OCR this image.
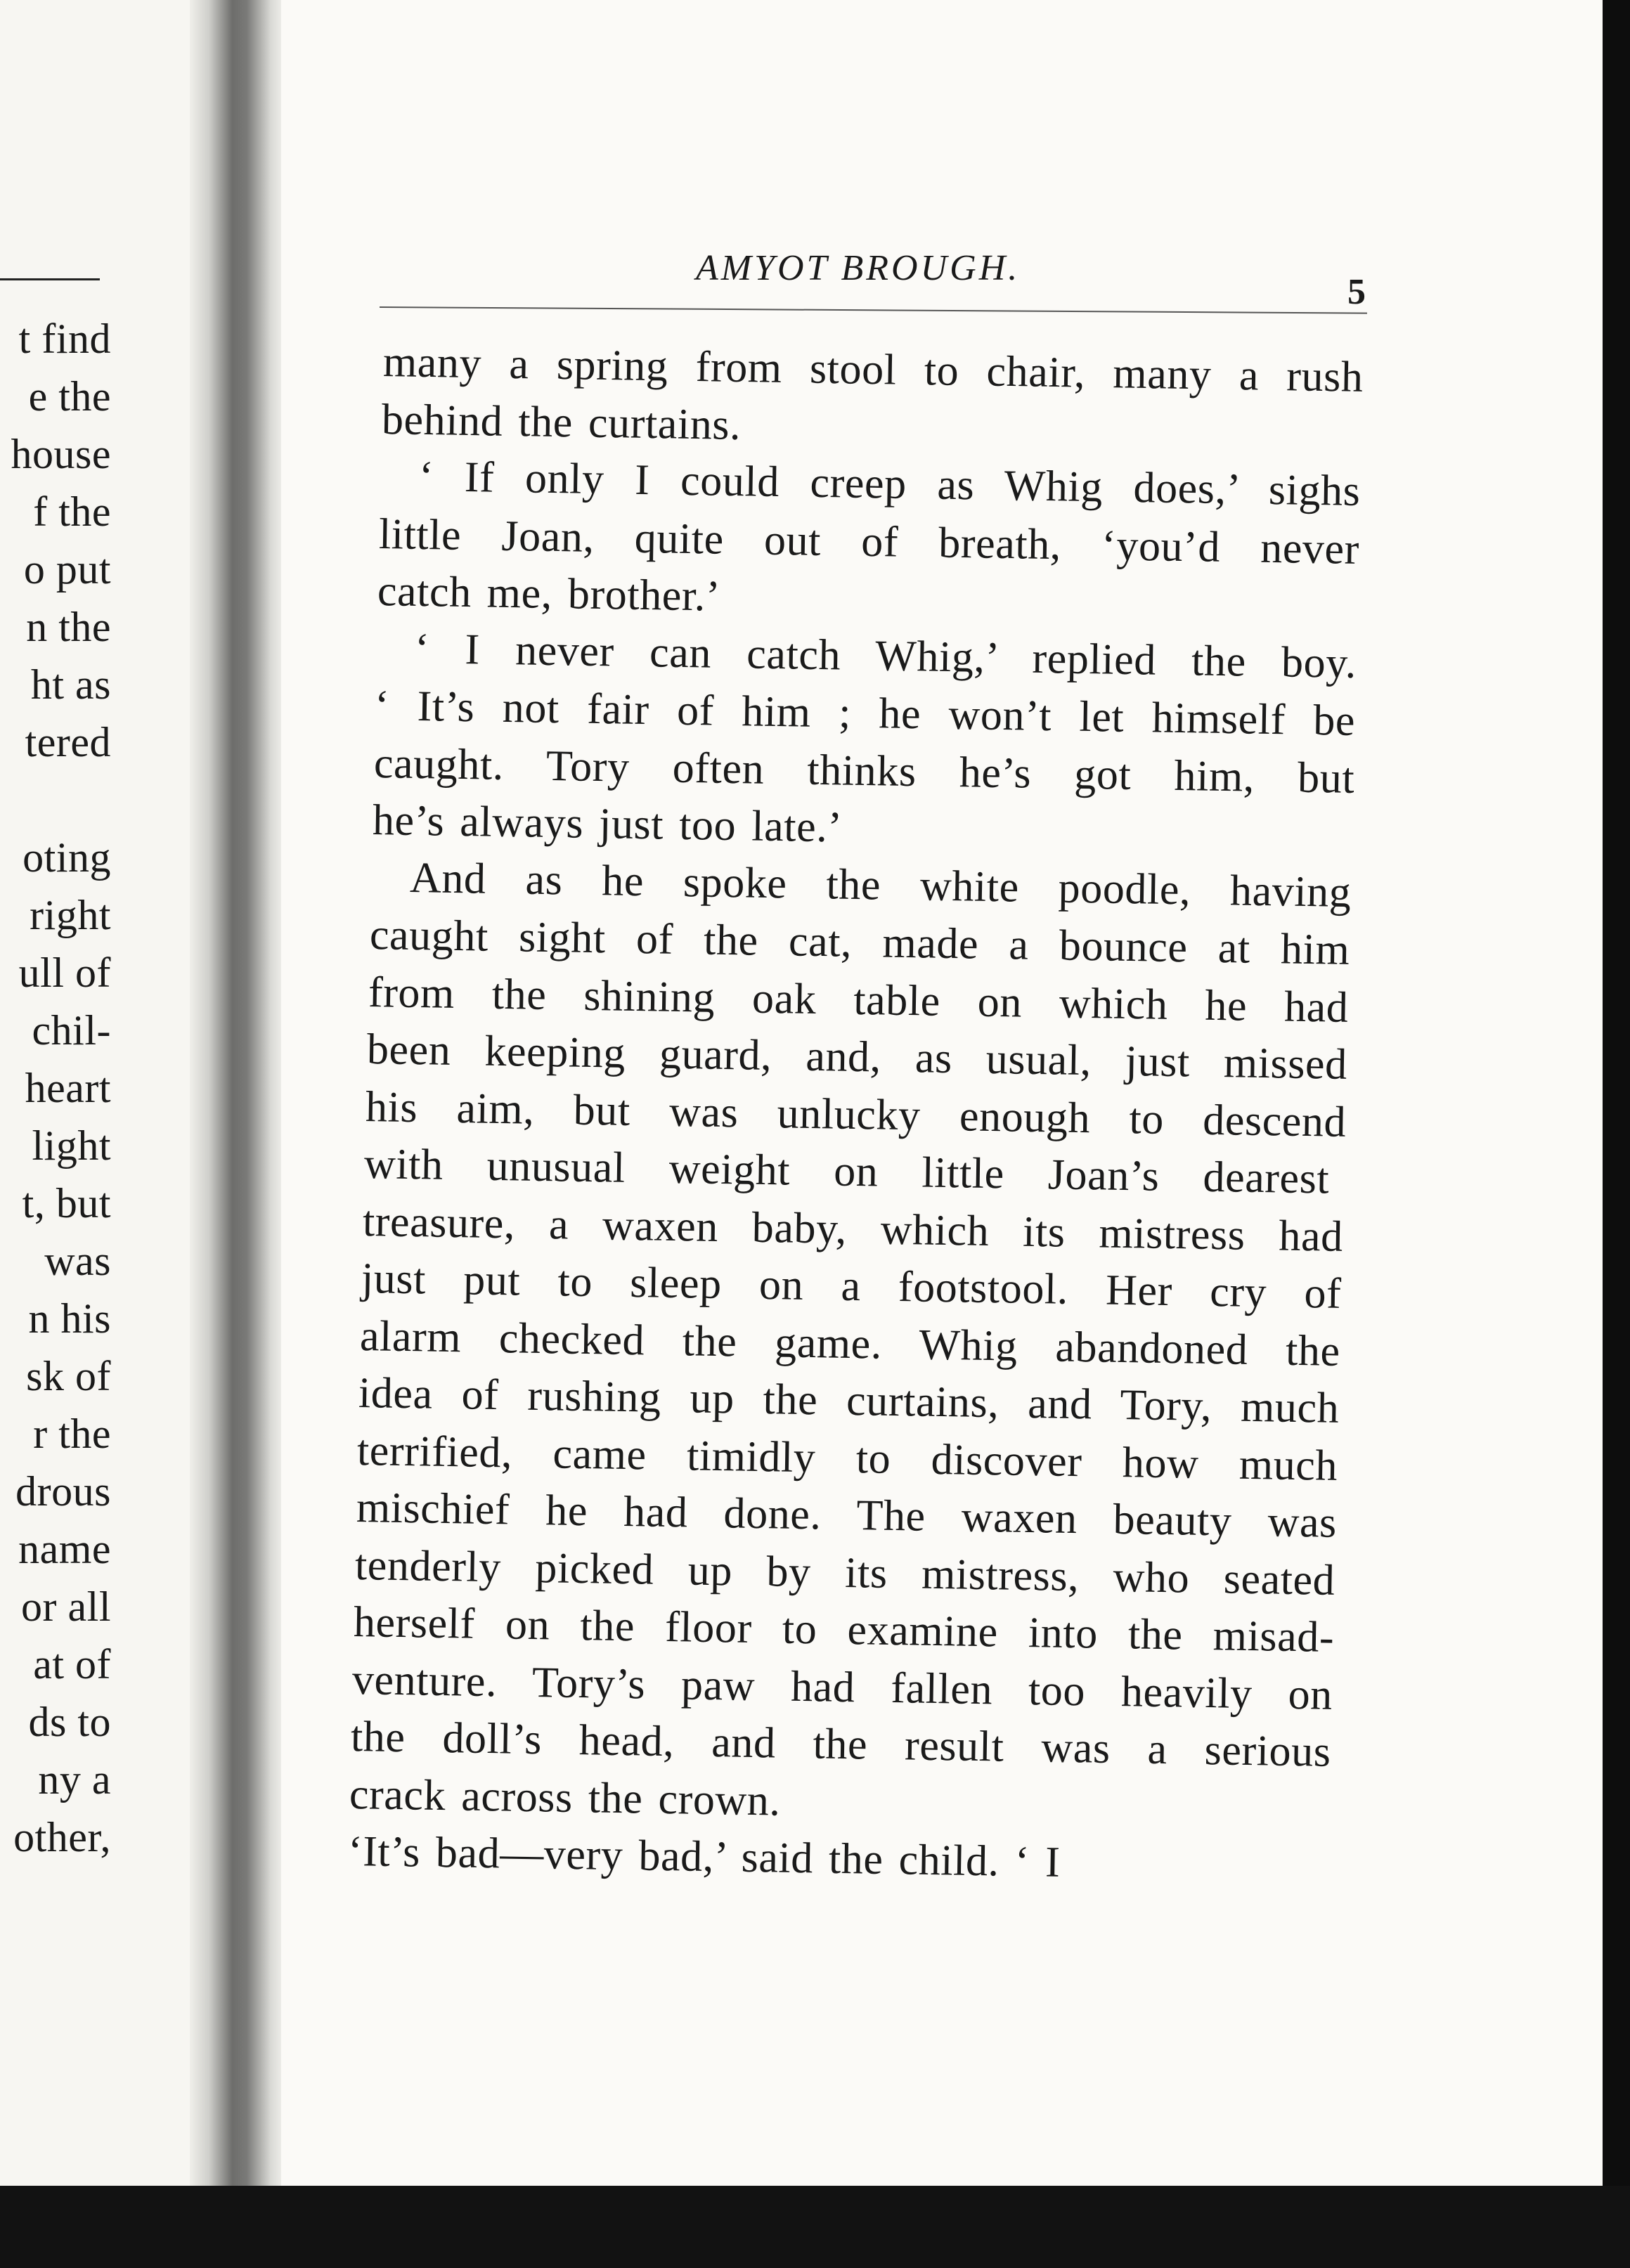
t find
e the
house
f the
o put
n the
ht as
tered
oting
right
ull of
chil-
heart
light
t, but
was
n his
sk of
r the
drous
name
or all
at of
ds to
ny a
other,
AMYOT BROUGH.
5
many a spring from stool to chair, many a rush
behind the curtains.
‘ If only I could creep as Whig does,’ sighs
little Joan, quite out of breath, ‘you’d never
catch me, brother.’
‘ I never can catch Whig,’ replied the boy.
‘ It’s not fair of him ; he won’t let himself be
caught. Tory often thinks he’s got him, but
he’s always just too late.’
And as he spoke the white poodle, having
caught sight of the cat, made a bounce at him
from the shining oak table on which he had
been keeping guard, and, as usual, just missed
his aim, but was unlucky enough to descend
with unusual weight on little Joan’s dearest
treasure, a waxen baby, which its mistress had
just put to sleep on a footstool. Her cry of
alarm checked the game. Whig abandoned the
idea of rushing up the curtains, and Tory, much
terrified, came timidly to discover how much
mischief he had done. The waxen beauty was
tenderly picked up by its mistress, who seated
herself on the floor to examine into the misad-
venture. Tory’s paw had fallen too heavily on
the doll’s head, and the result was a serious
crack across the crown.
‘It’s bad—very bad,’ said the child. ‘ I
